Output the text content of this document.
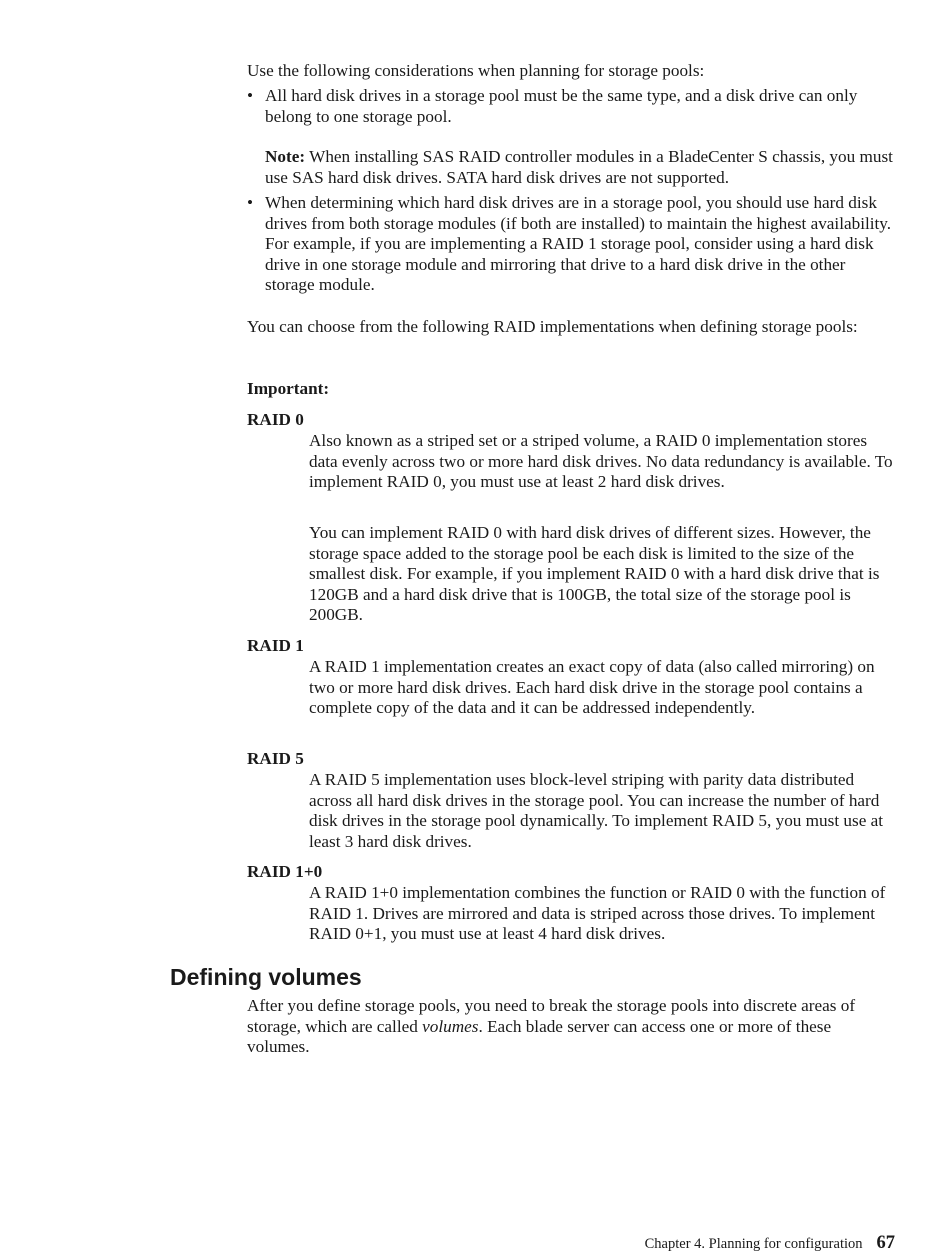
Use the following considerations when planning for storage pools:

• All hard disk drives in a storage pool must be the same type, and a disk drive can only belong to one storage pool.
Note: When installing SAS RAID controller modules in a BladeCenter S chassis, you must use SAS hard disk drives. SATA hard disk drives are not supported.
• When determining which hard disk drives are in a storage pool, you should use hard disk drives from both storage modules (if both are installed) to maintain the highest availability. For example, if you are implementing a RAID 1 storage pool, consider using a hard disk drive in one storage module and mirroring that drive to a hard disk drive in the other storage module.

You can choose from the following RAID implementations when defining storage pools:

Important:

RAID 0

Also known as a striped set or a striped volume, a RAID 0 implementation stores data evenly across two or more hard disk drives. No data redundancy is available. To implement RAID 0, you must use at least 2 hard disk drives.

You can implement RAID 0 with hard disk drives of different sizes. However, the storage space added to the storage pool be each disk is limited to the size of the smallest disk. For example, if you implement RAID 0 with a hard disk drive that is 120GB and a hard disk drive that is 100GB, the total size of the storage pool is 200GB.

RAID 1

A RAID 1 implementation creates an exact copy of data (also called mirroring) on two or more hard disk drives. Each hard disk drive in the storage pool contains a complete copy of the data and it can be addressed independently.

RAID 5

A RAID 5 implementation uses block-level striping with parity data distributed across all hard disk drives in the storage pool. You can increase the number of hard disk drives in the storage pool dynamically. To implement RAID 5, you must use at least 3 hard disk drives.

RAID 1+0

A RAID 1+0 implementation combines the function or RAID 0 with the function of RAID 1. Drives are mirrored and data is striped across those drives. To implement RAID 0+1, you must use at least 4 hard disk drives.

Defining volumes

After you define storage pools, you need to break the storage pools into discrete areas of storage, which are called volumes. Each blade server can access one or more of these volumes.

Chapter 4. Planning for configuration 67
